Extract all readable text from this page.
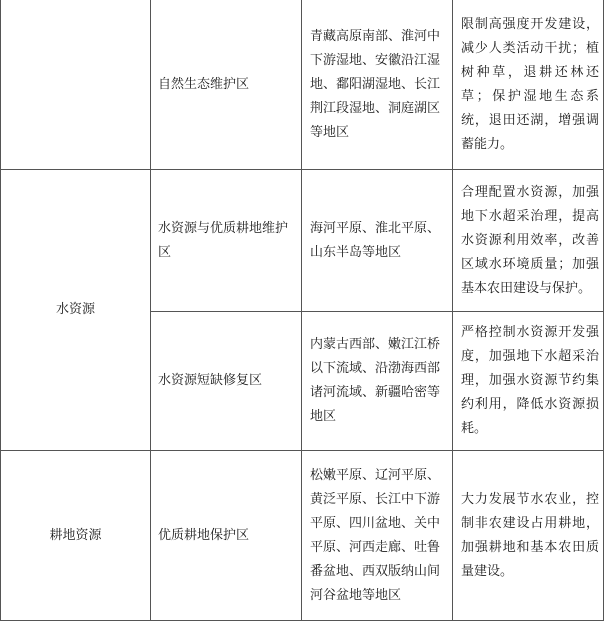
	自然生态维护区	青藏高原南部、淮河中下游湿地、安徽沿江湿地、鄱阳湖湿地、长江荆江段湿地、洞庭湖区等地区	限制高强度开发建设，减少人类活动干扰；植树种草，退耕还林还草；保护湿地生态系统，退田还湖，增强调蓄能力。
水资源	水资源与优质耕地维护区	海河平原、淮北平原、山东半岛等地区	合理配置水资源，加强地下水超采治理，提高水资源利用效率，改善区域水环境质量；加强基本农田建设与保护。
	水资源短缺修复区	内蒙古西部、嫩江江桥以下流域、沿渤海西部诸河流域、新疆哈密等地区	严格控制水资源开发强度，加强地下水超采治理，加强水资源节约集约利用，降低水资源损耗。
耕地资源	优质耕地保护区	松嫩平原、辽河平原、黄泛平原、长江中下游平原、四川盆地、关中平原、河西走廊、吐鲁番盆地、西双版纳山间河谷盆地等地区	大力发展节水农业，控制非农建设占用耕地，加强耕地和基本农田质量建设。
